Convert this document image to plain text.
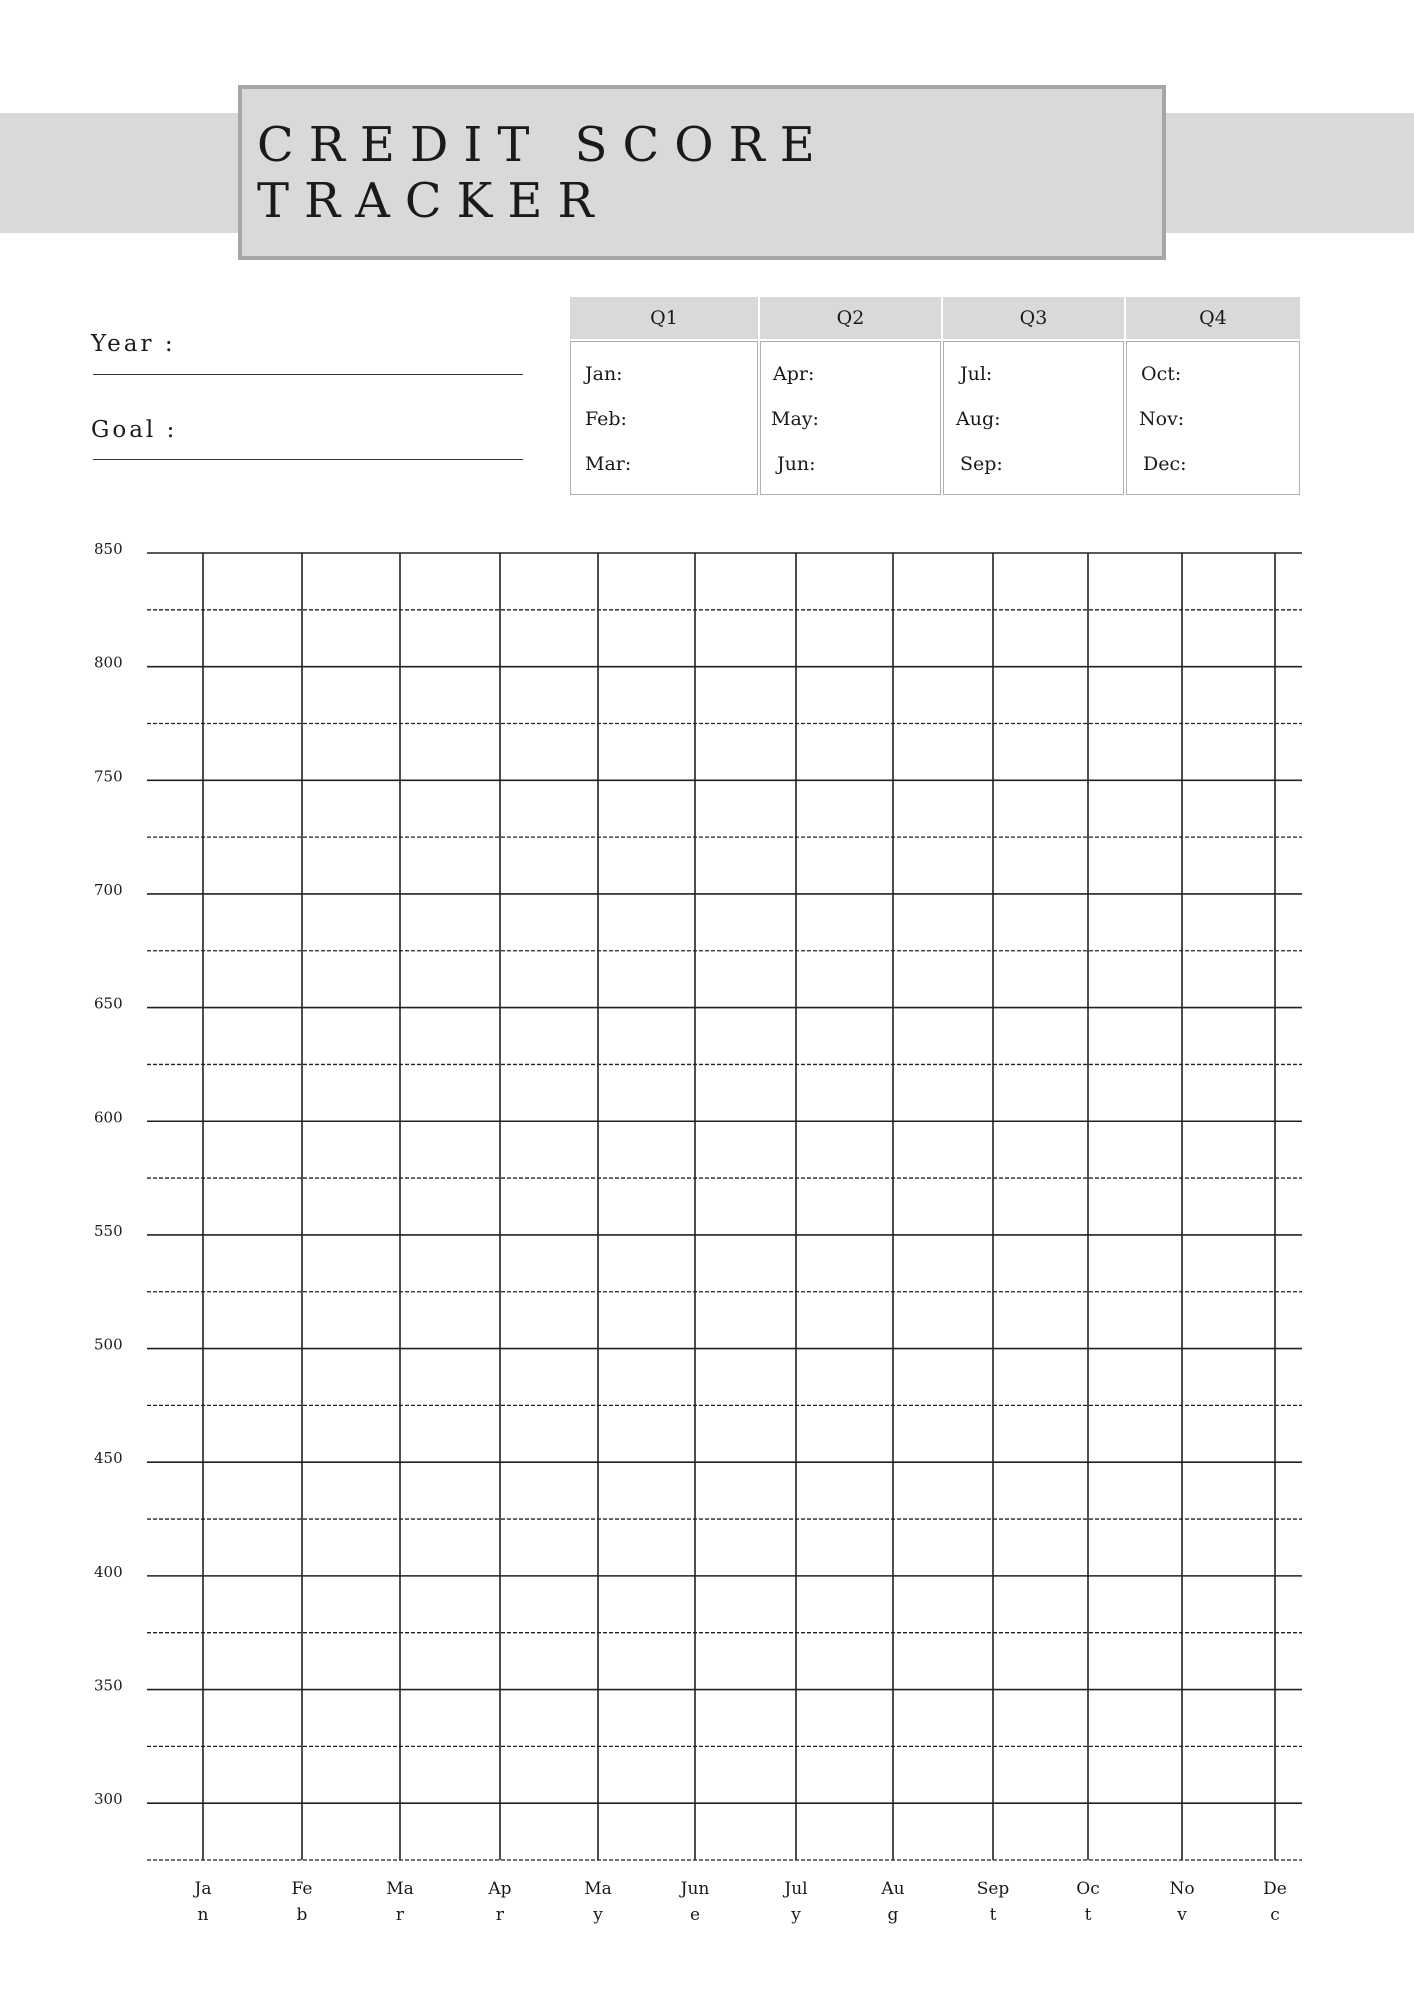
CREDIT SCORE TRACKER
Year :
Goal :
Q1
Jan:
Feb:
Mar:
Q2
Apr:
May:
Jun:
Q3
Jul:
Aug:
Sep:
Q4
Oct:
Nov:
Dec:
850
800
750
700
650
600
550
500
450
400
350
300
Ja
n
Fe
b
Ma
r
Ap
r
Ma
y
Jun
e
Jul
y
Au
g
Sep
t
Oc
t
No
v
De
c
